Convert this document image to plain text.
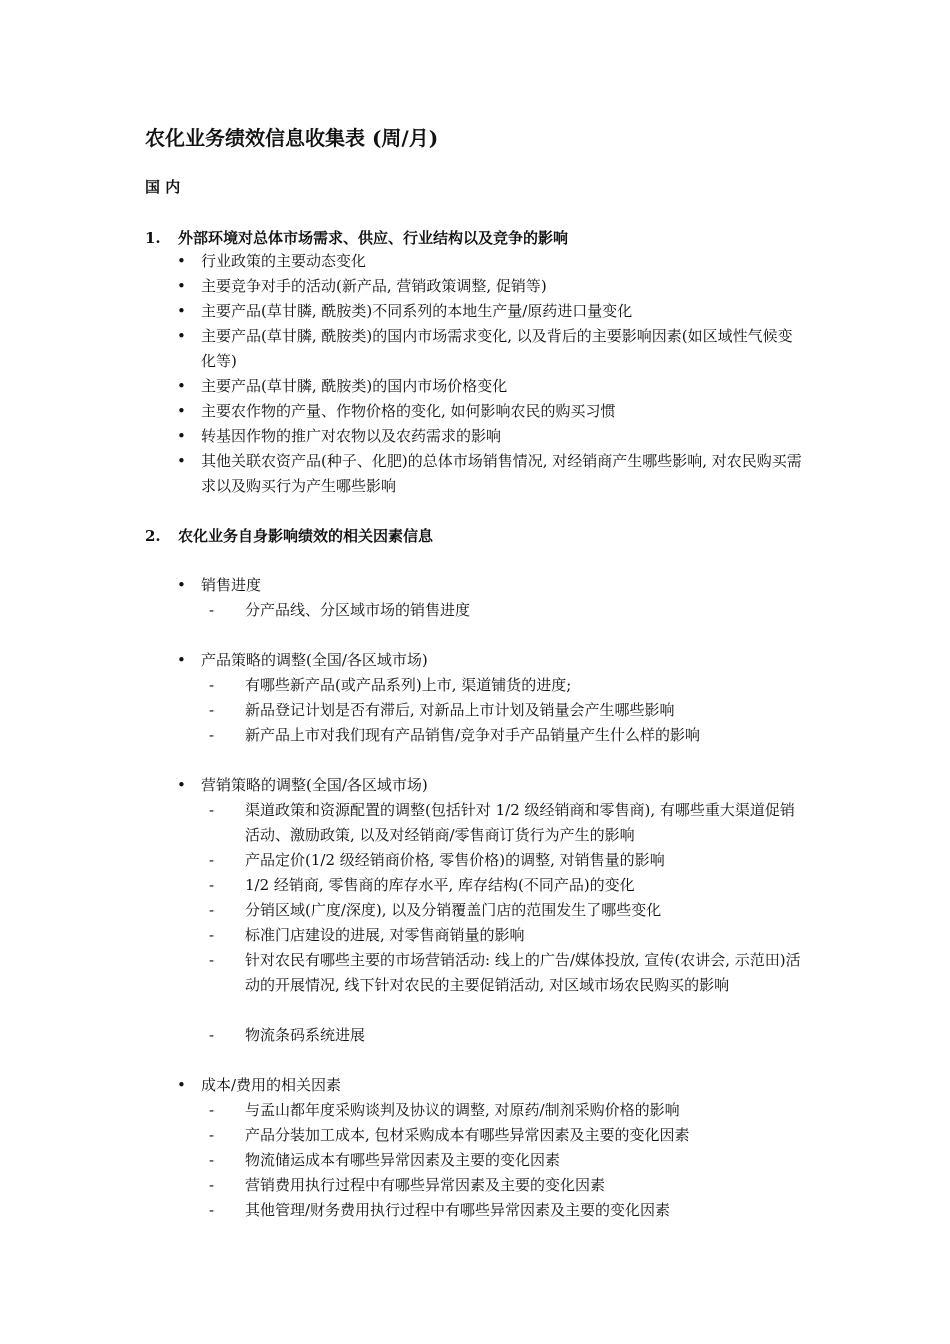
农化业务绩效信息收集表 (周/月)
国 内
1. 外部环境对总体市场需求、供应、行业结构以及竞争的影响
•	行业政策的主要动态变化
•	主要竞争对手的活动(新产品, 营销政策调整, 促销等)
•	主要产品(草甘膦, 酰胺类)不同系列的本地生产量/原药进口量变化
•	主要产品(草甘膦, 酰胺类)的国内市场需求变化, 以及背后的主要影响因素(如区域性气候变化等)
•	主要产品(草甘膦, 酰胺类)的国内市场价格变化
•	主要农作物的产量、作物价格的变化, 如何影响农民的购买习惯
•	转基因作物的推广对农物以及农药需求的影响
•	其他关联农资产品(种子、化肥)的总体市场销售情况, 对经销商产生哪些影响, 对农民购买需求以及购买行为产生哪些影响
2. 农化业务自身影响绩效的相关因素信息
•	销售进度
-	分产品线、分区域市场的销售进度
•	产品策略的调整(全国/各区域市场)
-	有哪些新产品(或产品系列)上市, 渠道铺货的进度;
-	新品登记计划是否有滞后, 对新品上市计划及销量会产生哪些影响
-	新产品上市对我们现有产品销售/竞争对手产品销量产生什么样的影响
•	营销策略的调整(全国/各区域市场)
-	渠道政策和资源配置的调整(包括针对 1/2 级经销商和零售商), 有哪些重大渠道促销活动、激励政策, 以及对经销商/零售商订货行为产生的影响
-	产品定价(1/2 级经销商价格, 零售价格)的调整, 对销售量的影响
-	1/2 经销商, 零售商的库存水平, 库存结构(不同产品)的变化
-	分销区域(广度/深度), 以及分销覆盖门店的范围发生了哪些变化
-	标准门店建设的进展, 对零售商销量的影响
-	针对农民有哪些主要的市场营销活动: 线上的广告/媒体投放, 宣传(农讲会, 示范田)活动的开展情况, 线下针对农民的主要促销活动, 对区域市场农民购买的影响
-	物流条码系统进展
•	成本/费用的相关因素
-	与孟山都年度采购谈判及协议的调整, 对原药/制剂采购价格的影响
-	产品分装加工成本, 包材采购成本有哪些异常因素及主要的变化因素
-	物流储运成本有哪些异常因素及主要的变化因素
-	营销费用执行过程中有哪些异常因素及主要的变化因素
-	其他管理/财务费用执行过程中有哪些异常因素及主要的变化因素
